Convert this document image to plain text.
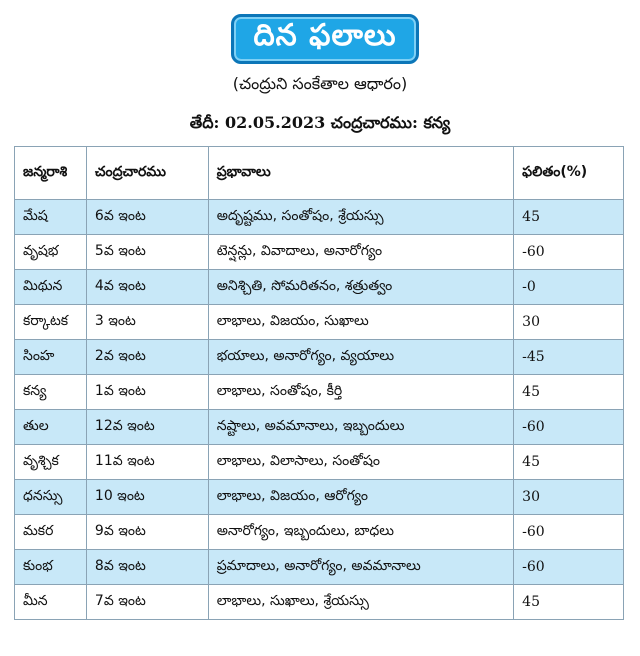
దిన ఫలాలు
(చంద్రుని సంకేతాల ఆధారం)
తేదీ: 02.05.2023 చంద్రచారము: కన్య
జన్మరాశి	చంద్రచారము	ప్రభావాలు	ఫలితం(%)
మేష	6వ ఇంట	అదృష్టము, సంతోషం, శ్రేయస్సు	45
వృషభ	5వ ఇంట	టెన్షన్లు, వివాదాలు, అనారోగ్యం	-60
మిథున	4వ ఇంట	అనిశ్చితి, సోమరితనం, శత్రుత్వం	-0
కర్కాటక	3 ఇంట	లాభాలు, విజయం, సుఖాలు	30
సింహ	2వ ఇంట	భయాలు, అనారోగ్యం, వ్యయాలు	-45
కన్య	1వ ఇంట	లాభాలు, సంతోషం, కీర్తి	45
తుల	12వ ఇంట	నష్టాలు, అవమానాలు, ఇబ్బందులు	-60
వృశ్చిక	11వ ఇంట	లాభాలు, విలాసాలు, సంతోషం	45
ధనస్సు	10 ఇంట	లాభాలు, విజయం, ఆరోగ్యం	30
మకర	9వ ఇంట	అనారోగ్యం, ఇబ్బందులు, బాధలు	-60
కుంభ	8వ ఇంట	ప్రమాదాలు, అనారోగ్యం, అవమానాలు	-60
మీన	7వ ఇంట	లాభాలు, సుఖాలు, శ్రేయస్సు	45
